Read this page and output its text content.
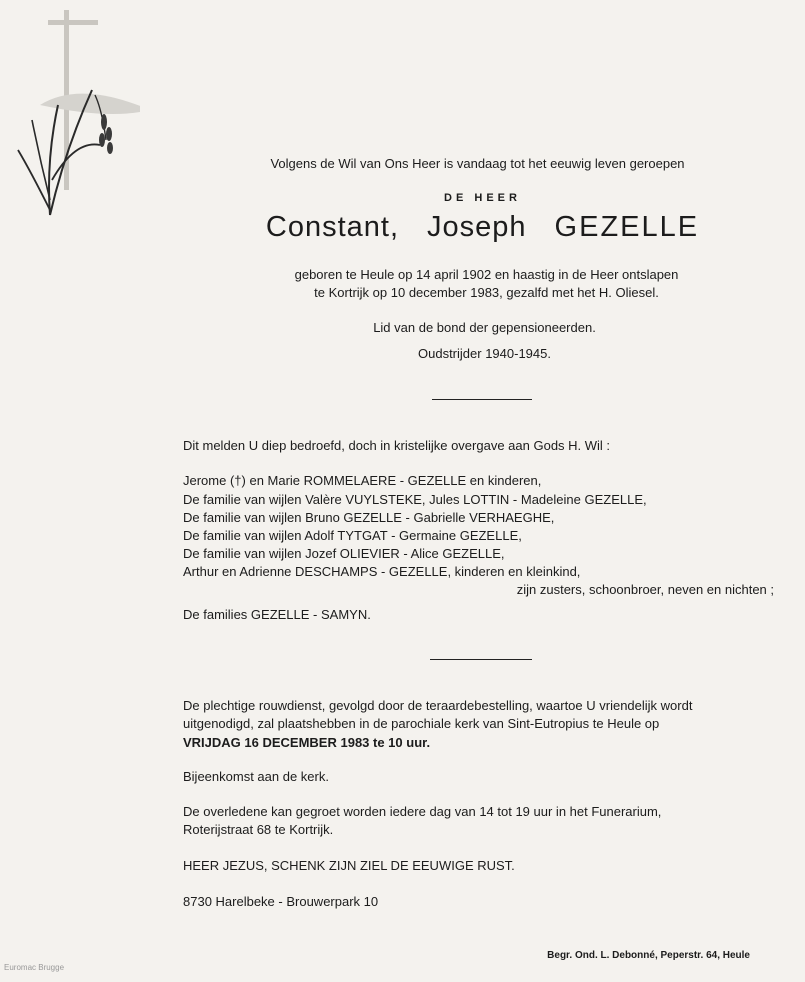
Volgens de Wil van Ons Heer is vandaag tot het eeuwig leven geroepen
DE HEER
Constant, Joseph GEZELLE
geboren te Heule op 14 april 1902 en haastig in de Heer ontslapen
te Kortrijk op 10 december 1983, gezalfd met het H. Oliesel.
Lid van de bond der gepensioneerden.
Oudstrijder 1940-1945.
Dit melden U diep bedroefd, doch in kristelijke overgave aan Gods H. Wil :
Jerome (†) en Marie ROMMELAERE - GEZELLE en kinderen,
De familie van wijlen Valère VUYLSTEKE, Jules LOTTIN - Madeleine GEZELLE,
De familie van wijlen Bruno GEZELLE - Gabrielle VERHAEGHE,
De familie van wijlen Adolf TYTGAT - Germaine GEZELLE,
De familie van wijlen Jozef OLIEVIER - Alice GEZELLE,
Arthur en Adrienne DESCHAMPS - GEZELLE, kinderen en kleinkind,
zijn zusters, schoonbroer, neven en nichten ;
De families GEZELLE - SAMYN.
De plechtige rouwdienst, gevolgd door de teraardebestelling, waartoe U vriendelijk wordt
uitgenodigd, zal plaatshebben in de parochiale kerk van Sint-Eutropius te Heule op
VRIJDAG 16 DECEMBER 1983 te 10 uur.
Bijeenkomst aan de kerk.
De overledene kan gegroet worden iedere dag van 14 tot 19 uur in het Funerarium,
Roterijstraat 68 te Kortrijk.
HEER JEZUS, SCHENK ZIJN ZIEL DE EEUWIGE RUST.
8730 Harelbeke - Brouwerpark 10
Begr. Ond. L. Debonné, Peperstr. 64, Heule
Euromac Brugge
